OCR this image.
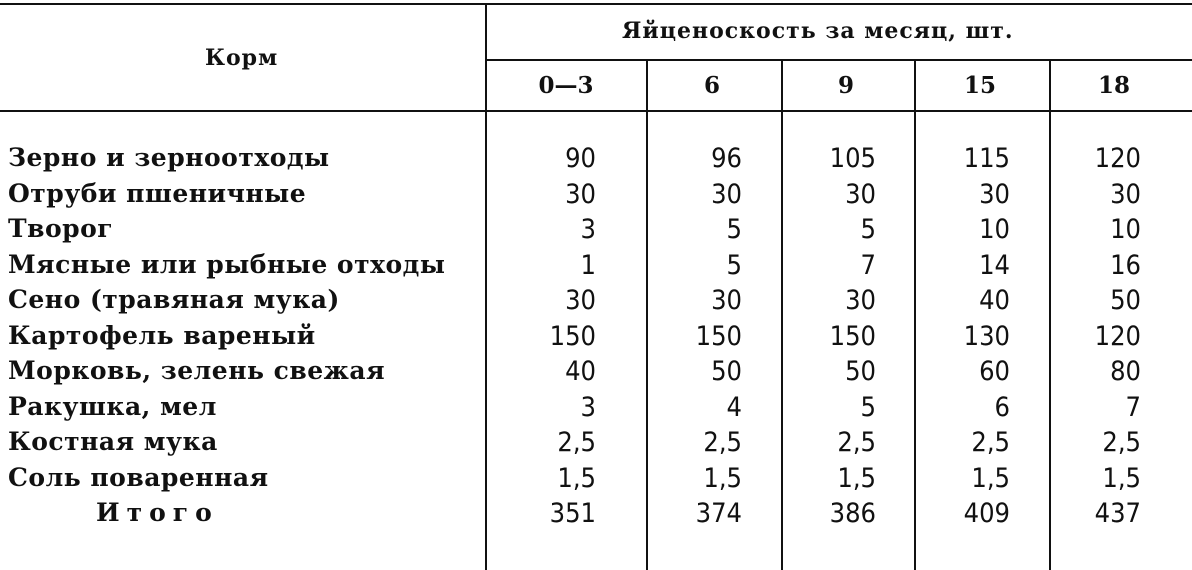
Корм
Яйценоскость за месяц, шт.
0—3	6	9	15	18
Зерно и зерноотходы	90	96	105	115	120
Отруби пшеничные	30	30	30	30	30
Творог	3	5	5	10	10
Мясные или рыбные отходы	1	5	7	14	16
Сено (травяная мука)	30	30	30	40	50
Картофель вареный	150	150	150	130	120
Морковь, зелень свежая	40	50	50	60	80
Ракушка, мел	3	4	5	6	7
Костная мука	2,5	2,5	2,5	2,5	2,5
Соль поваренная	1,5	1,5	1,5	1,5	1,5
Итого	351	374	386	409	437
